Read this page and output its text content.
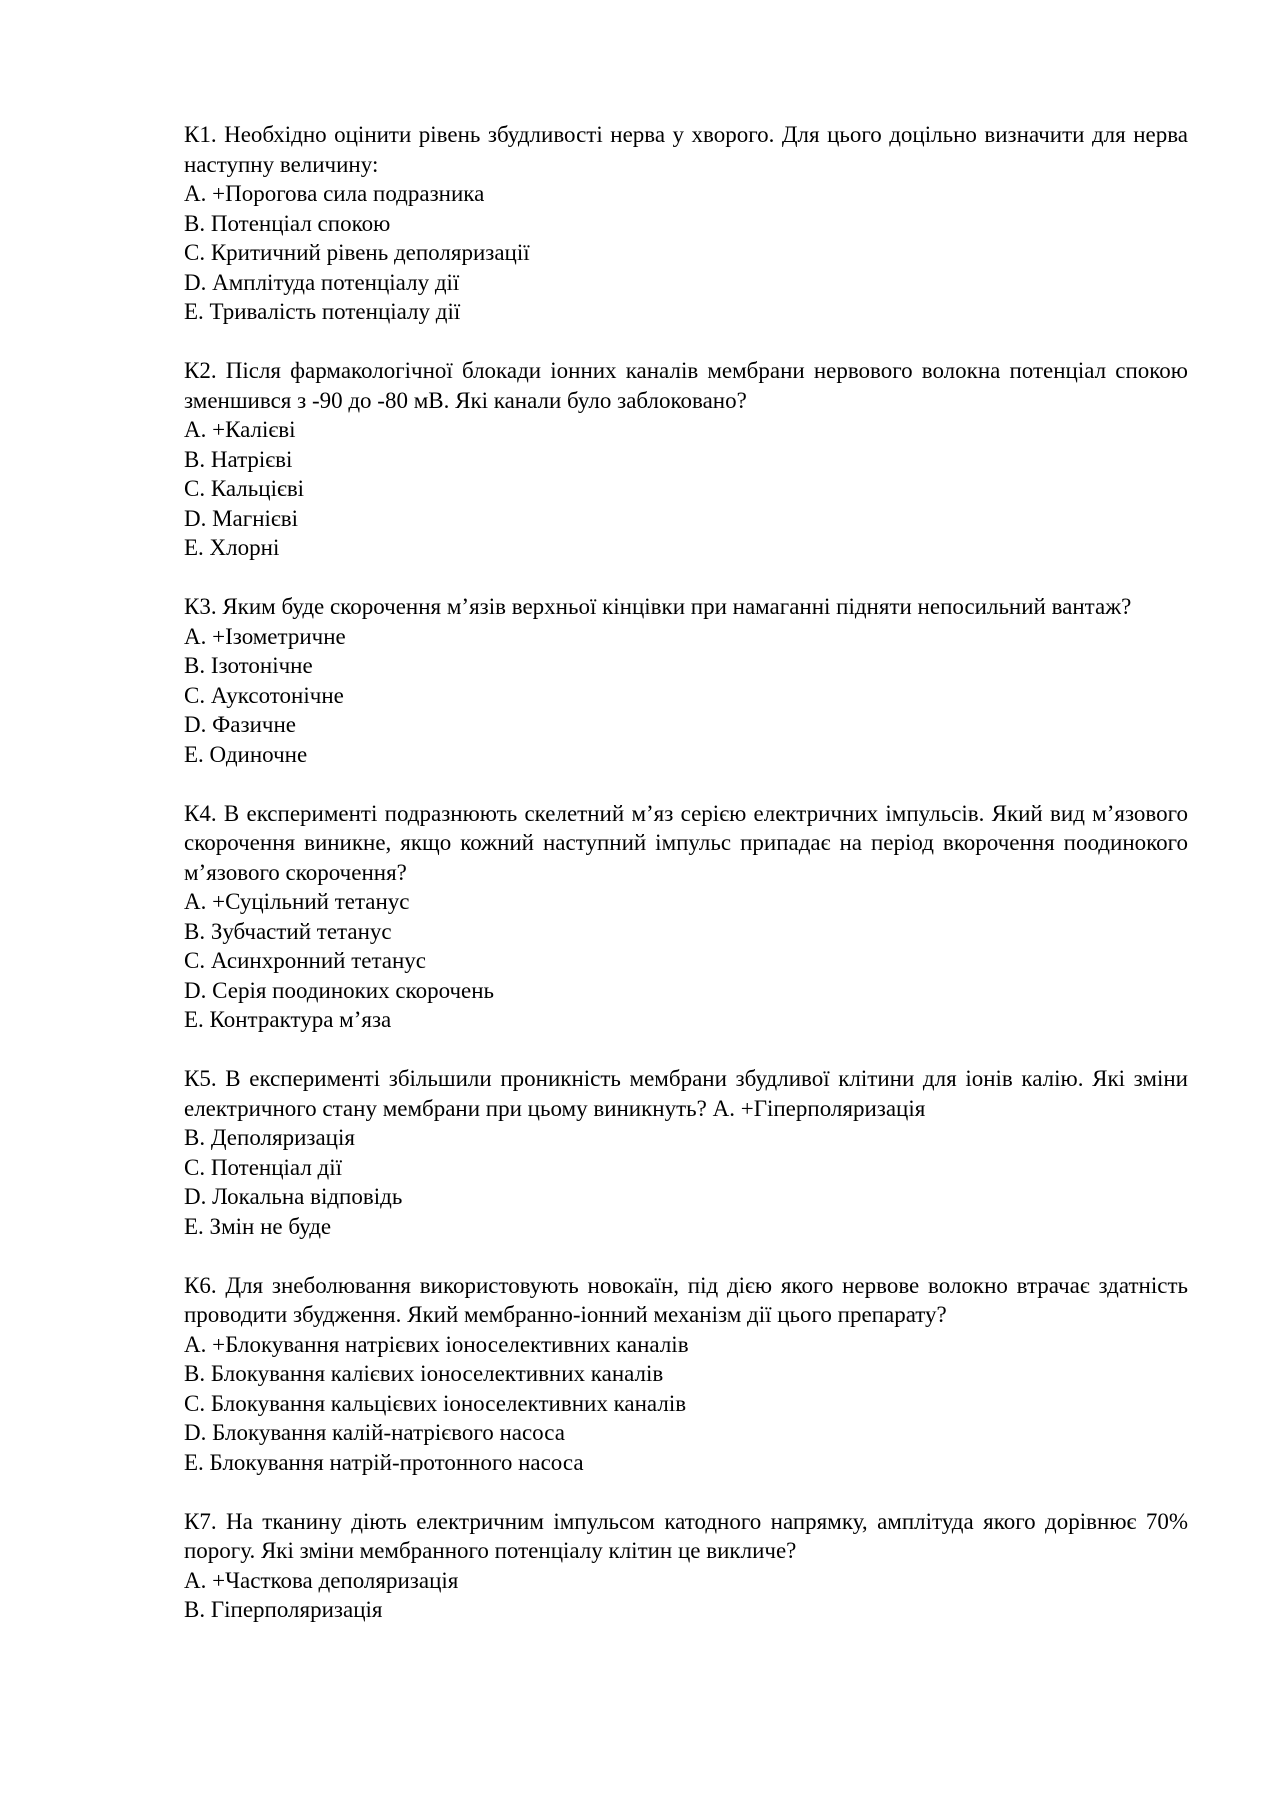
К1. Необхідно оцінити рівень збудливості нерва у хворого. Для цього доцільно визначити для нерва наступну величину:

A. +Порогова сила подразника
B. Потенціал спокою
C. Критичний рівень деполяризації
D. Амплітуда потенціалу дії
E. Тривалість потенціалу дії

К2. Після фармакологічної блокади іонних каналів мембрани нервового волокна потенціал спокою зменшився з -90 до -80 мВ. Які канали було заблоковано?

A. +Калієві
B. Натрієві
C. Кальцієві
D. Магнієві
E. Хлорні

К3. Яким буде скорочення м’язів верхньої кінцівки при намаганні підняти непосильний вантаж?

A. +Ізометричне
B. Ізотонічне
C. Ауксотонічне
D. Фазичне
E. Одиночне

К4. В експерименті подразнюють скелетний м’яз серією електричних імпульсів. Який вид м’язового скорочення виникне, якщо кожний наступний імпульс припадає на період вкорочення поодинокого м’язового скорочення?

A. +Суцільний тетанус
B. Зубчастий тетанус
C. Асинхронний тетанус
D. Серія поодиноких скорочень
E. Контрактура м’яза

К5. В експерименті збільшили проникність мембрани збудливої клітини для іонів калію. Які зміни електричного стану мембрани при цьому виникнуть? A. +Гіперполяризація

B. Деполяризація
C. Потенціал дії
D. Локальна відповідь
E. Змін не буде

К6. Для знеболювання використовують новокаїн, під дією якого нервове волокно втрачає здатність проводити збудження. Який мембранно-іонний механізм дії цього препарату?

A. +Блокування натрієвих іоноселективних каналів
B. Блокування калієвих іоноселективних каналів
C. Блокування кальцієвих іоноселективних каналів
D. Блокування калій-натрієвого насоса
E. Блокування натрій-протонного насоса

К7. На тканину діють електричним імпульсом катодного напрямку, амплітуда якого дорівнює 70% порогу. Які зміни мембранного потенціалу клітин це викличе?

A. +Часткова деполяризація
B. Гіперполяризація
